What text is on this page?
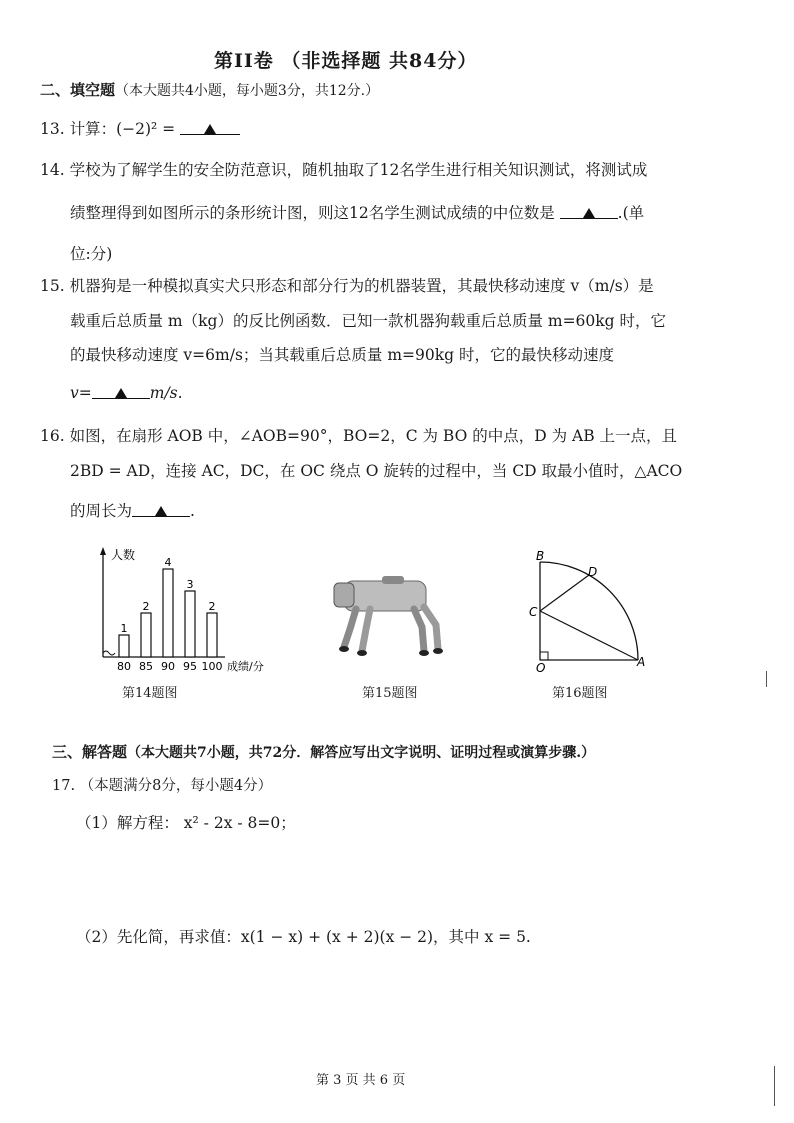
第II卷 （非选择题 共84分）
二、填空题（本大题共4小题，每小题3分，共12分.）
13. 计算：(−2)² =
14. 学校为了解学生的安全防范意识，随机抽取了12名学生进行相关知识测试，将测试成
绩整理得到如图所示的条形统计图，则这12名学生测试成绩的中位数是	.(单
位:分)
15. 机器狗是一种模拟真实犬只形态和部分行为的机器装置，其最快移动速度 v（m/s）是
载重后总质量 m（kg）的反比例函数．已知一款机器狗载重后总质量 m=60kg 时，它
的最快移动速度 v=6m/s；当其载重后总质量 m=90kg 时，它的最快移动速度
v=	m/s.
16. 如图，在扇形 AOB 中，∠AOB=90°，BO=2，C 为 BO 的中点，D 为 AB 上一点，且
2BD = AD，连接 AC，DC，在 OC 绕点 O 旋转的过程中，当 CD 取最小值时，△ACO
的周长为	.
人数
成绩/分
1
80
2
85
4
90
3
95
2
100
第14题图	第15题图
B
D
C
O	A
第16题图
三、解答题（本大题共7小题，共72分．解答应写出文字说明、证明过程或演算步骤.）
17. （本题满分8分，每小题4分）
（1）解方程： x² - 2x - 8=0；
（2）先化简，再求值：x(1 − x) + (x + 2)(x − 2)，其中 x = 5.
第 3 页 共 6 页
